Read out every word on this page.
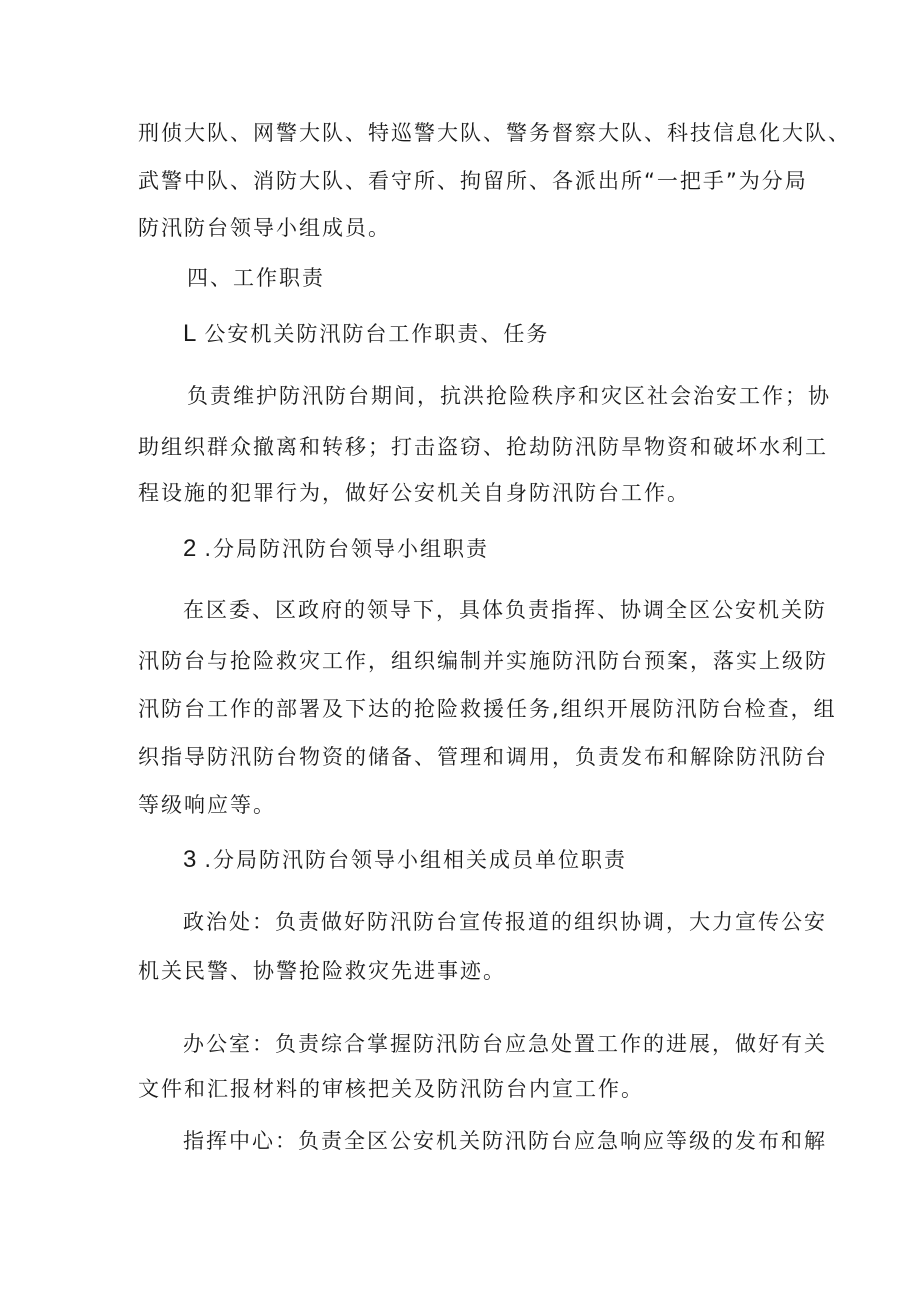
刑侦大队、网警大队、特巡警大队、警务督察大队、科技信息化大队、
武警中队、消防大队、看守所、拘留所、各派出所“一把手”为分局
防汛防台领导小组成员。
四、工作职责
L 公安机关防汛防台工作职责、任务
负责维护防汛防台期间，抗洪抢险秩序和灾区社会治安工作；协
助组织群众撤离和转移；打击盗窃、抢劫防汛防旱物资和破坏水利工
程设施的犯罪行为，做好公安机关自身防汛防台工作。
2 .分局防汛防台领导小组职责
在区委、区政府的领导下，具体负责指挥、协调全区公安机关防
汛防台与抢险救灾工作，组织编制并实施防汛防台预案，落实上级防
汛防台工作的部署及下达的抢险救援任务,组织开展防汛防台检查，组
织指导防汛防台物资的储备、管理和调用，负责发布和解除防汛防台
等级响应等。
3 .分局防汛防台领导小组相关成员单位职责
政治处：负责做好防汛防台宣传报道的组织协调，大力宣传公安
机关民警、协警抢险救灾先进事迹。
办公室：负责综合掌握防汛防台应急处置工作的进展，做好有关
文件和汇报材料的审核把关及防汛防台内宣工作。
指挥中心：负责全区公安机关防汛防台应急响应等级的发布和解
